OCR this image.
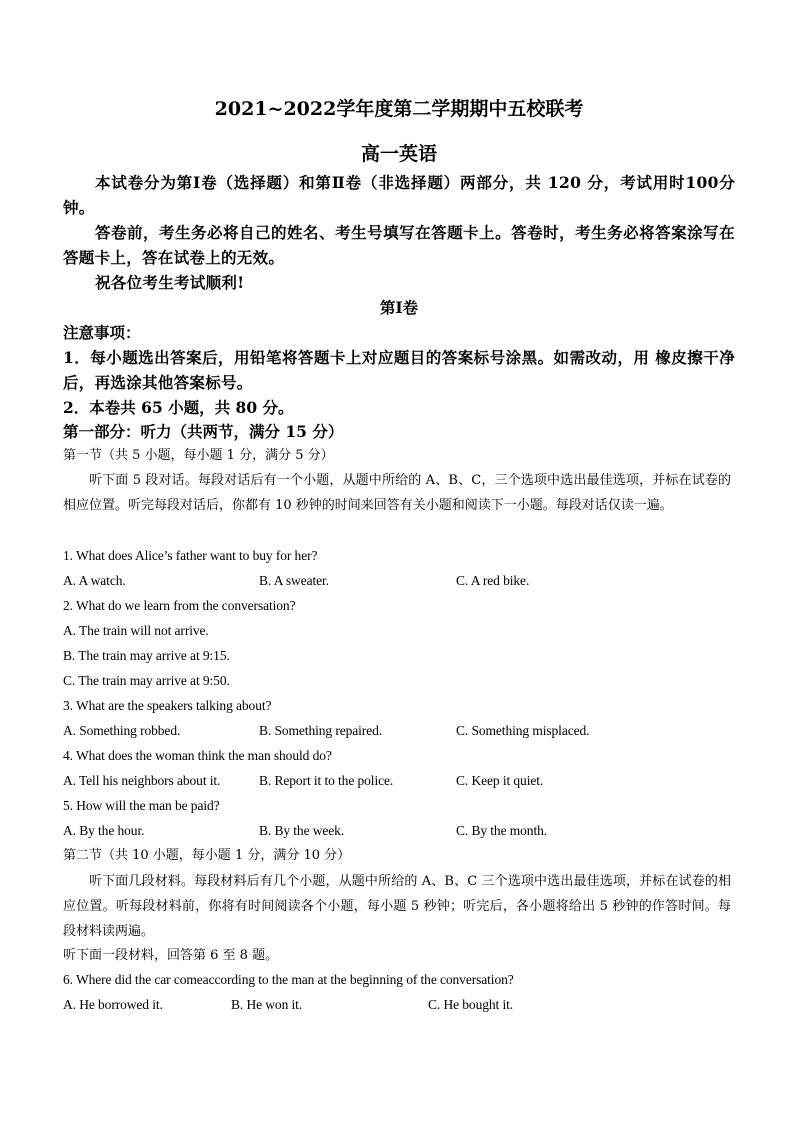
2021~2022学年度第二学期期中五校联考
高一英语
本试卷分为第Ⅰ卷（选择题）和第Ⅱ卷（非选择题）两部分，共 120 分，考试用时100分钟。
答卷前，考生务必将自己的姓名、考生号填写在答题卡上。答卷时，考生务必将答案涂写在答题卡上，答在试卷上的无效。
祝各位考生考试顺利!
第Ⅰ卷
注意事项：
1．每小题选出答案后，用铅笔将答题卡上对应题目的答案标号涂黑。如需改动，用 橡皮擦干净后，再选涂其他答案标号。
2．本卷共 65 小题，共 80 分。
第一部分：听力（共两节，满分 15 分）
第一节（共 5 小题，每小题 1 分，满分 5 分）
听下面 5 段对话。每段对话后有一个小题，从题中所给的 A、B、C，三个选项中选出最佳选项，并标在试卷的相应位置。听完每段对话后，你都有 10 秒钟的时间来回答有关小题和阅读下一小题。每段对话仅读一遍。
1. What does Alice’s father want to buy for her?
A. A watch.	B. A sweater.	C. A red bike.
2. What do we learn from the conversation?
A. The train will not arrive.
B. The train may arrive at 9:15.
C. The train may arrive at 9:50.
3. What are the speakers talking about?
A. Something robbed.	B. Something repaired.	C. Something misplaced.
4. What does the woman think the man should do?
A. Tell his neighbors about it.	B. Report it to the police.	C. Keep it quiet.
5. How will the man be paid?
A. By the hour.	B. By the week.	C. By the month.
第二节（共 10 小题，每小题 1 分，满分 10 分）
听下面几段材料。每段材料后有几个小题，从题中所给的 A、B、C 三个选项中选出最佳选项，并标在试卷的相应位置。听每段材料前，你将有时间阅读各个小题，每小题 5 秒钟；听完后，各小题将给出 5 秒钟的作答时间。每段材料读两遍。
听下面一段材料，回答第 6 至 8 题。
6. Where did the car comeaccording to the man at the beginning of the conversation?
A. He borrowed it.	B. He won it.	C. He bought it.
